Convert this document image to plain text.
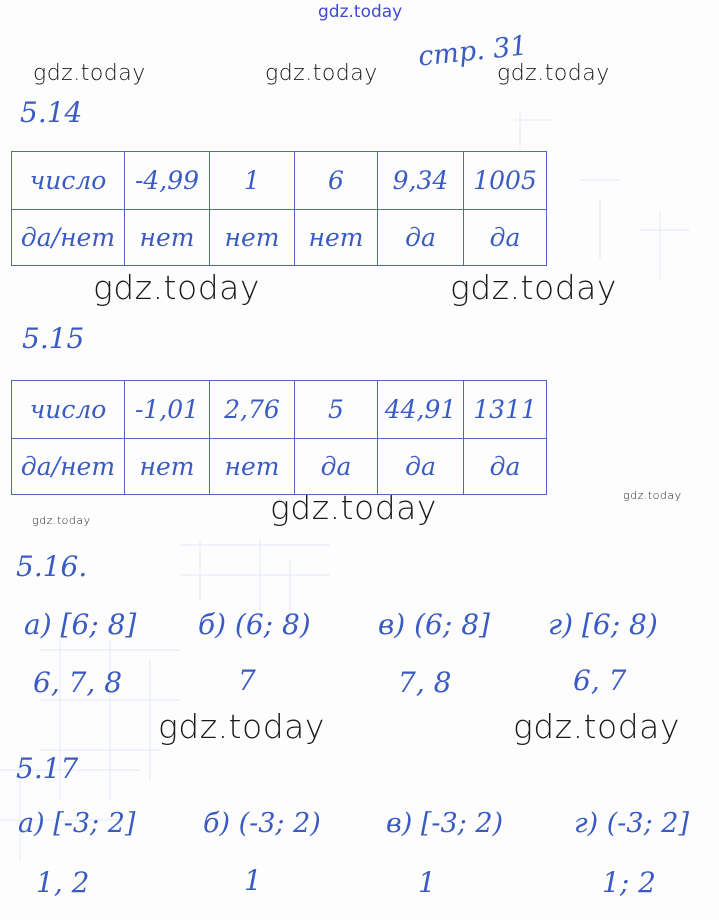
gdz.today
стр. 31
gdz.today	gdz.today	gdz.today
gdz.today	gdz.today
gdz.today	gdz.today
gdz.today
gdz.today	gdz.today
5.14
число	-4,99	1	6	9,34	1005
да/нет	нет	нет	нет	да	да
5.15
число	-1,01	2,76	5	44,91	1311
да/нет	нет	нет	да	да	да
5.16.
а) [6; 8] б) (6; 8) в) (6; 8] г) [6; 8)
6, 7, 8	7	7, 8	6, 7
5.17
а) [-3; 2]	б) (-3; 2) в) [-3; 2)	г) (-3; 2]
1, 2	1	1	1; 2
